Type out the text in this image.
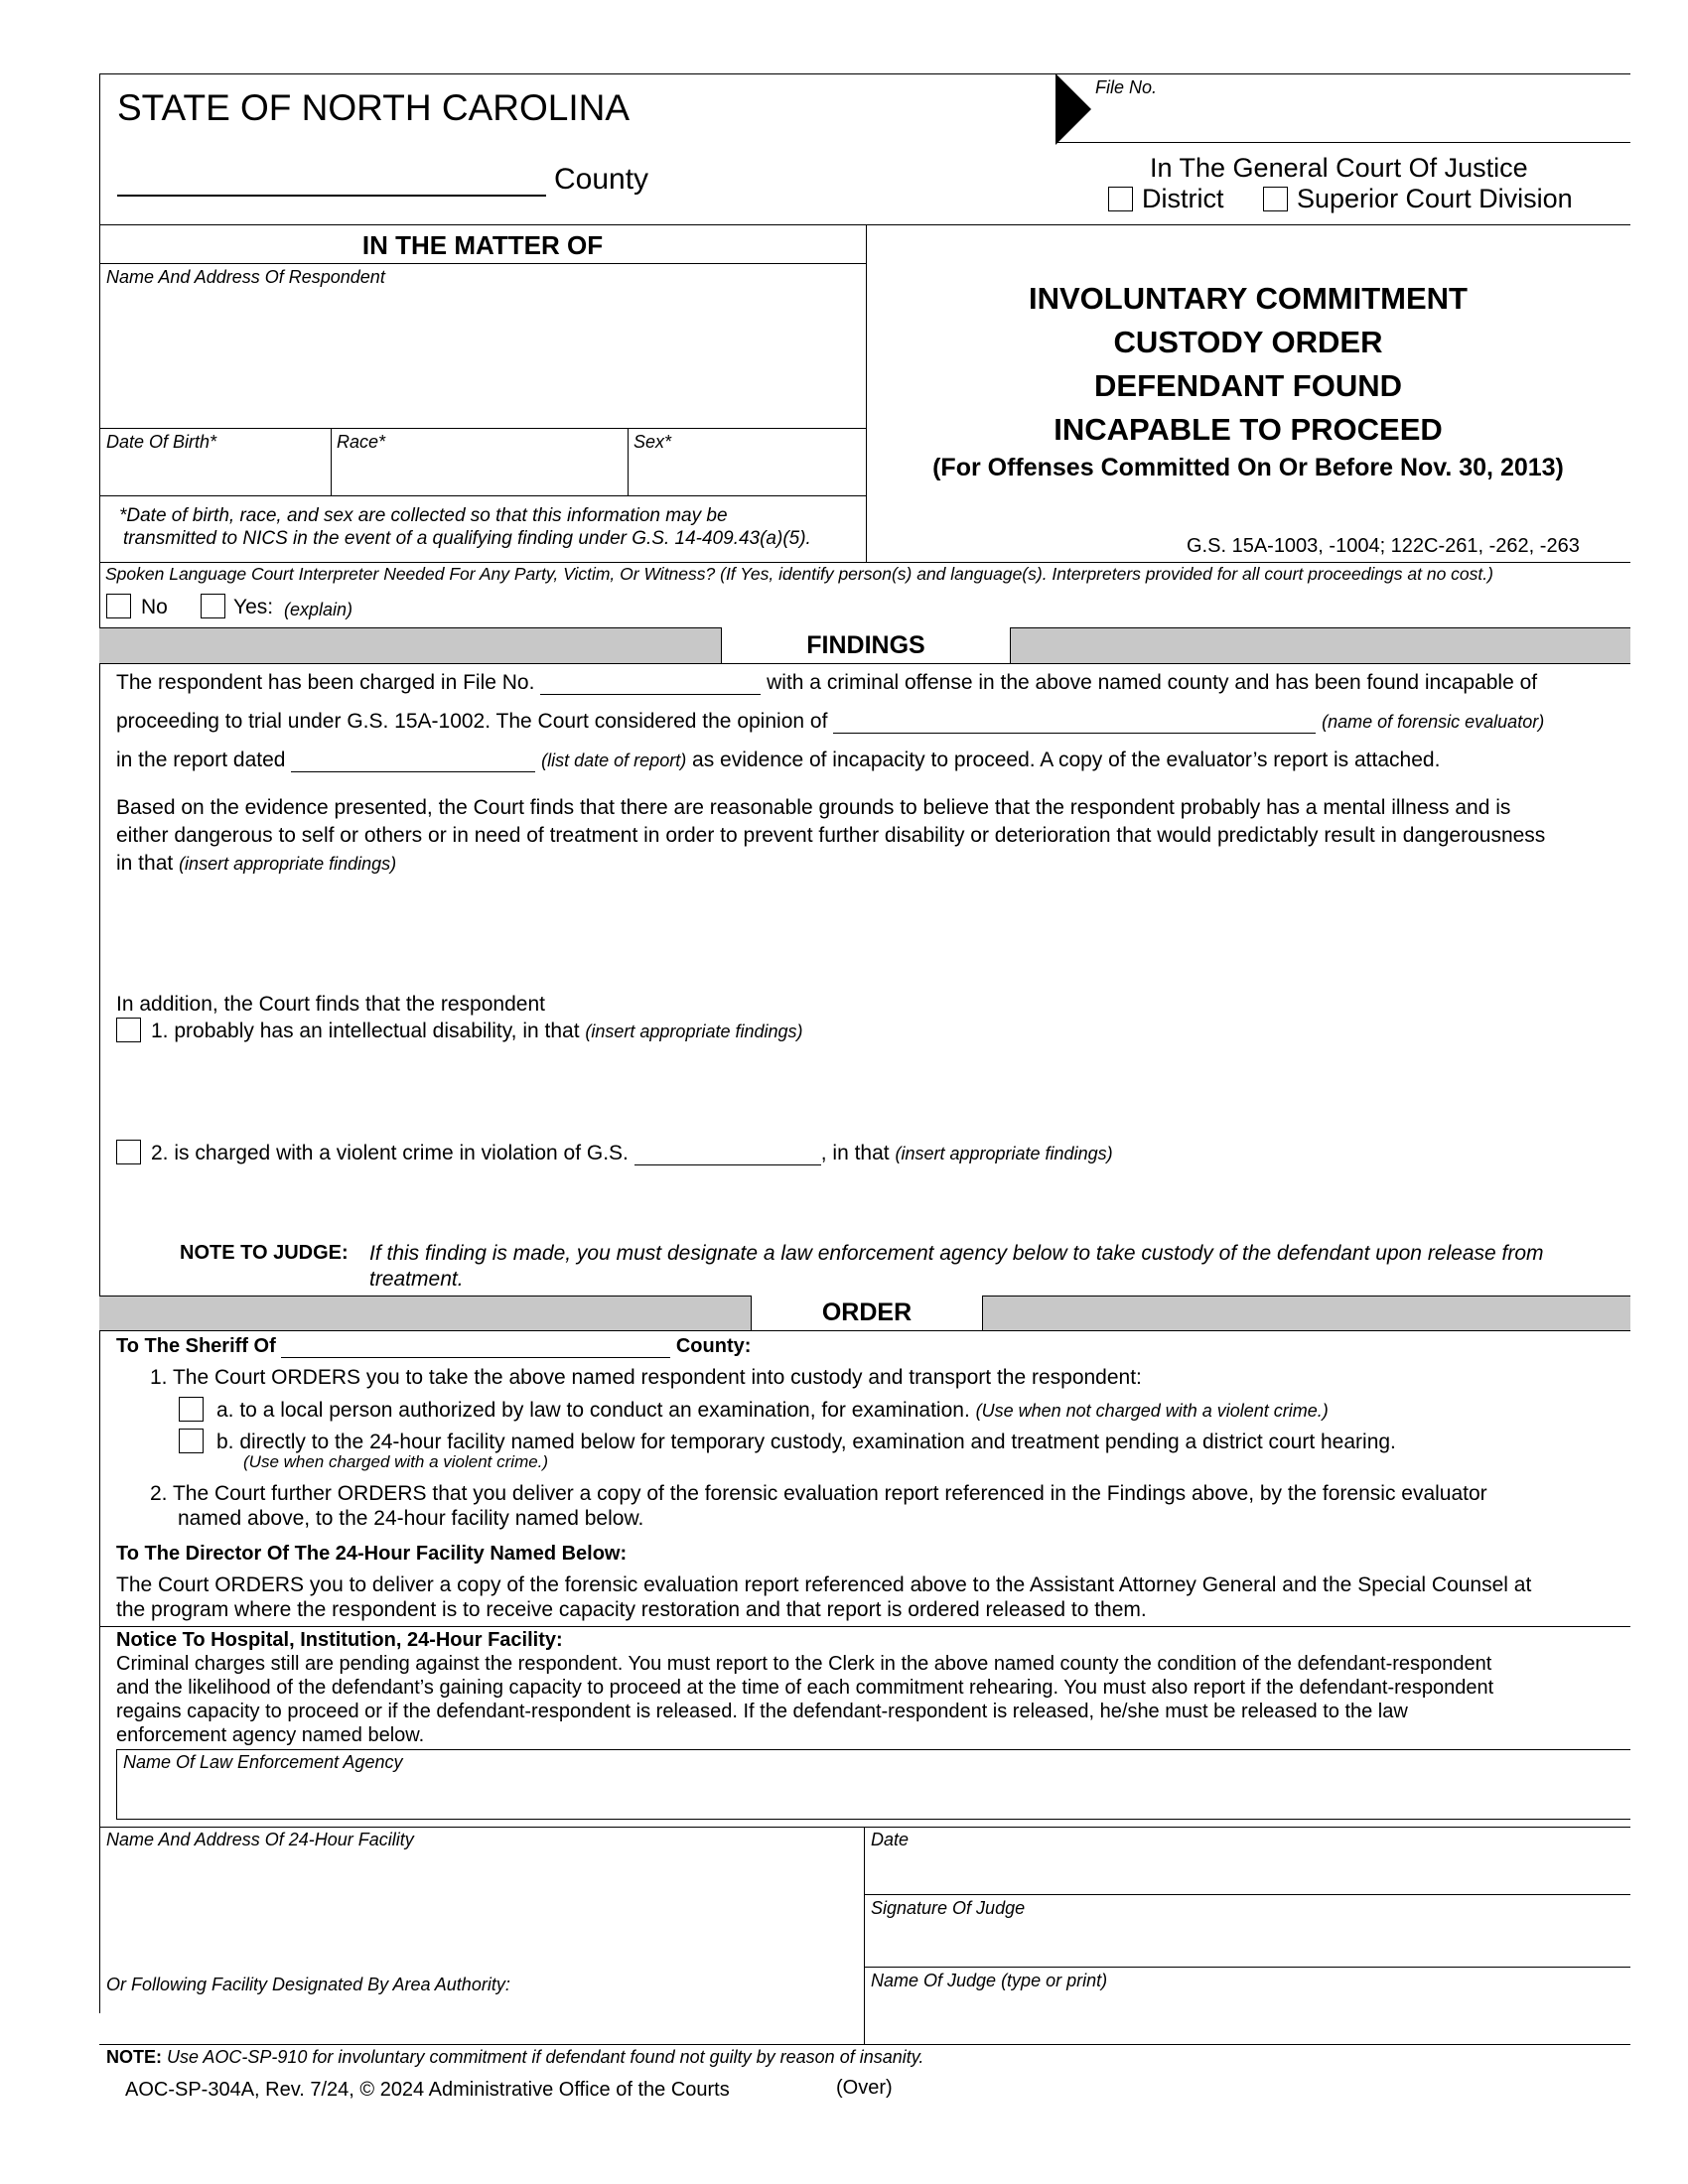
STATE OF NORTH CAROLINA
County
File No.
In The General Court Of Justice
District	Superior Court Division
IN THE MATTER OF
Name And Address Of Respondent
Date Of Birth*	Race*	Sex*
*Date of birth, race, and sex are collected so that this information may be
transmitted to NICS in the event of a qualifying finding under G.S. 14-409.43(a)(5).
INVOLUNTARY COMMITMENT
CUSTODY ORDER
DEFENDANT FOUND
INCAPABLE TO PROCEED
(For Offenses Committed On Or Before Nov. 30, 2013)
G.S. 15A-1003, -1004; 122C-261, -262, -263
Spoken Language Court Interpreter Needed For Any Party, Victim, Or Witness? (If Yes, identify person(s) and language(s). Interpreters provided for all court proceedings at no cost.)
No	Yes: (explain)
FINDINGS
The respondent has been charged in File No.	with a criminal offense in the above named county and has been found incapable of
proceeding to trial under G.S. 15A-1002. The Court considered the opinion of	(name of forensic evaluator)
in the report dated	(list date of report) as evidence of incapacity to proceed. A copy of the evaluator’s report is attached.
Based on the evidence presented, the Court finds that there are reasonable grounds to believe that the respondent probably has a mental illness and is
either dangerous to self or others or in need of treatment in order to prevent further disability or deterioration that would predictably result in dangerousness
in that (insert appropriate findings)
In addition, the Court finds that the respondent
1. probably has an intellectual disability, in that (insert appropriate findings)
2. is charged with a violent crime in violation of G.S.	, in that (insert appropriate findings)
NOTE TO JUDGE: If this finding is made, you must designate a law enforcement agency below to take custody of the defendant upon release from
treatment.
ORDER
To The Sheriff Of	County:
1. The Court ORDERS you to take the above named respondent into custody and transport the respondent:
a. to a local person authorized by law to conduct an examination, for examination. (Use when not charged with a violent crime.)
b. directly to the 24-hour facility named below for temporary custody, examination and treatment pending a district court hearing.
(Use when charged with a violent crime.)
2. The Court further ORDERS that you deliver a copy of the forensic evaluation report referenced in the Findings above, by the forensic evaluator
named above, to the 24-hour facility named below.
To The Director Of The 24-Hour Facility Named Below:
The Court ORDERS you to deliver a copy of the forensic evaluation report referenced above to the Assistant Attorney General and the Special Counsel at
the program where the respondent is to receive capacity restoration and that report is ordered released to them.
Notice To Hospital, Institution, 24-Hour Facility:
Criminal charges still are pending against the respondent. You must report to the Clerk in the above named county the condition of the defendant-respondent
and the likelihood of the defendant’s gaining capacity to proceed at the time of each commitment rehearing. You must also report if the defendant-respondent
regains capacity to proceed or if the defendant-respondent is released. If the defendant-respondent is released, he/she must be released to the law
enforcement agency named below.
Name Of Law Enforcement Agency
Name And Address Of 24-Hour Facility
Or Following Facility Designated By Area Authority:
Date
Signature Of Judge
Name Of Judge (type or print)
NOTE: Use AOC-SP-910 for involuntary commitment if defendant found not guilty by reason of insanity.
AOC-SP-304A, Rev. 7/24, © 2024 Administrative Office of the Courts	(Over)
